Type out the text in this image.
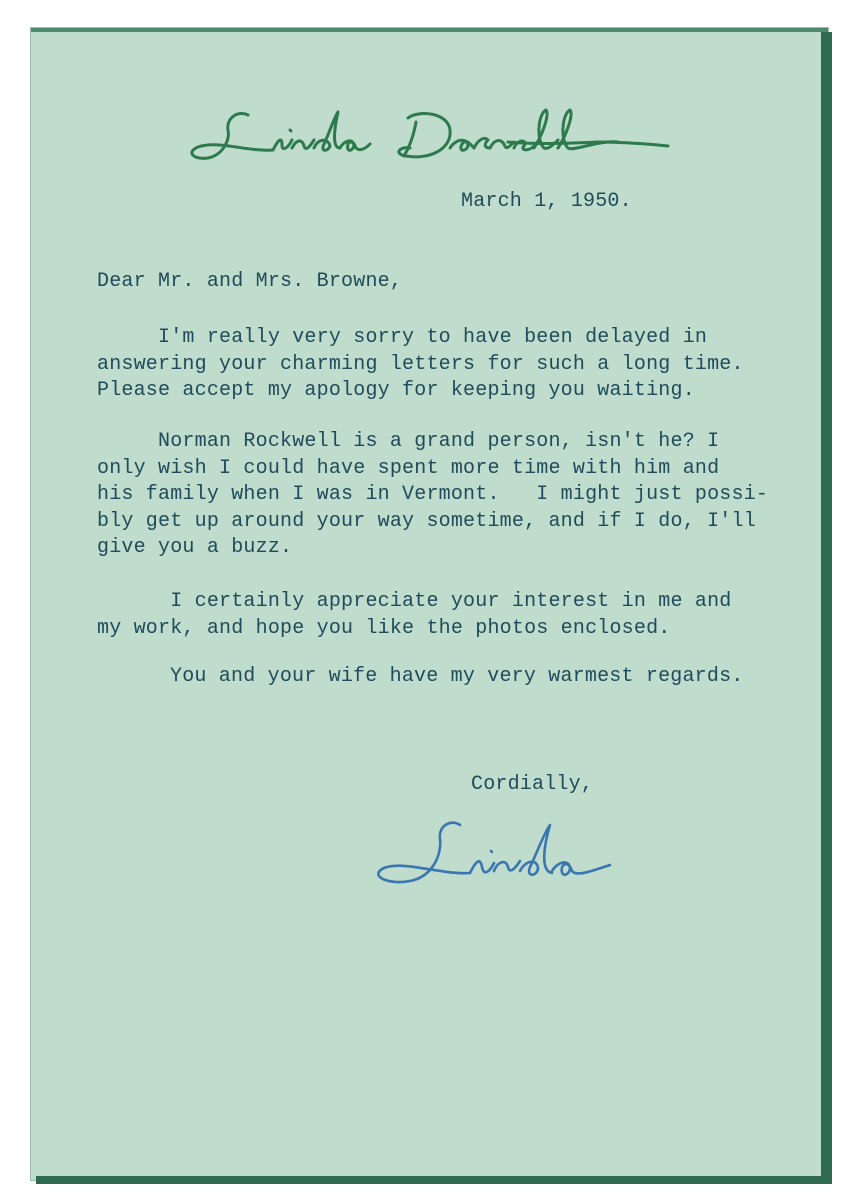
March 1, 1950.
Dear Mr. and Mrs. Browne,
I'm really very sorry to have been delayed in
answering your charming letters for such a long time.
Please accept my apology for keeping you waiting.
Norman Rockwell is a grand person, isn't he? I
only wish I could have spent more time with him and
his family when I was in Vermont.   I might just possi-
bly get up around your way sometime, and if I do, I'll
give you a buzz.
I certainly appreciate your interest in me and
my work, and hope you like the photos enclosed.
You and your wife have my very warmest regards.
Cordially,
